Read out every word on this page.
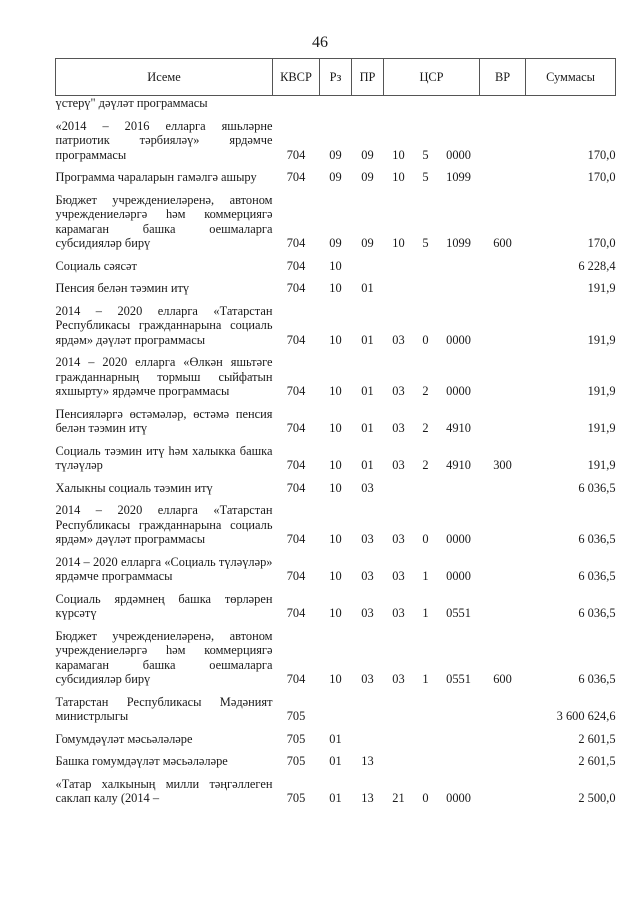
46
Исеме	КВСР	Рз	ПР	ЦСР			ВР	Суммасы
үстерү" дәүләт программасы								

«2014 – 2016 елларга яшьләрне патриотик тәрбияләү» ярдәмче программасы	704	09	09	10	5	0000		170,0

Программа чараларын гамәлгә ашыру	704	09	09	10	5	1099		170,0

Бюджет учреждениеләренә, автоном учреждениеләргә һәм коммерциягә карамаган башка оешмаларга субсидияләр бирү	704	09	09	10	5	1099	600	170,0

Социаль сәясәт	704	10						6 228,4

Пенсия белән тәэмин итү	704	10	01					191,9

2014 – 2020 елларга «Татарстан Республикасы гражданнарына социаль ярдәм» дәүләт программасы	704	10	01	03	0	0000		191,9

2014 – 2020 елларга «Өлкән яшьтәге гражданнарның тормыш сыйфатын яхшырту» ярдәмче программасы	704	10	01	03	2	0000		191,9

Пенсияләргә өстәмәләр, өстәмә пенсия белән тәэмин итү	704	10	01	03	2	4910		191,9

Социаль тәэмин итү һәм халыкка башка түләүләр	704	10	01	03	2	4910	300	191,9

Халыкны социаль тәэмин итү	704	10	03					6 036,5

2014 – 2020 елларга «Татарстан Республикасы гражданнарына социаль ярдәм» дәүләт программасы	704	10	03	03	0	0000		6 036,5

2014 – 2020 елларга «Социаль түләүләр» ярдәмче программасы	704	10	03	03	1	0000		6 036,5

Социаль ярдәмнең башка төрләрен күрсәтү	704	10	03	03	1	0551		6 036,5

Бюджет учреждениеләренә, автоном учреждениеләргә һәм коммерциягә карамаган башка оешмаларга субсидияләр бирү	704	10	03	03	1	0551	600	6 036,5

Татарстан Республикасы Мәдәният министрлыгы	705							3 600 624,6

Гомумдәүләт мәсьәләләре	705	01						2 601,5

Башка гомумдәүләт мәсьәләләре	705	01	13					2 601,5

«Татар халкының милли тәңгәллеген саклап калу (2014 –	705	01	13	21	0	0000		2 500,0
